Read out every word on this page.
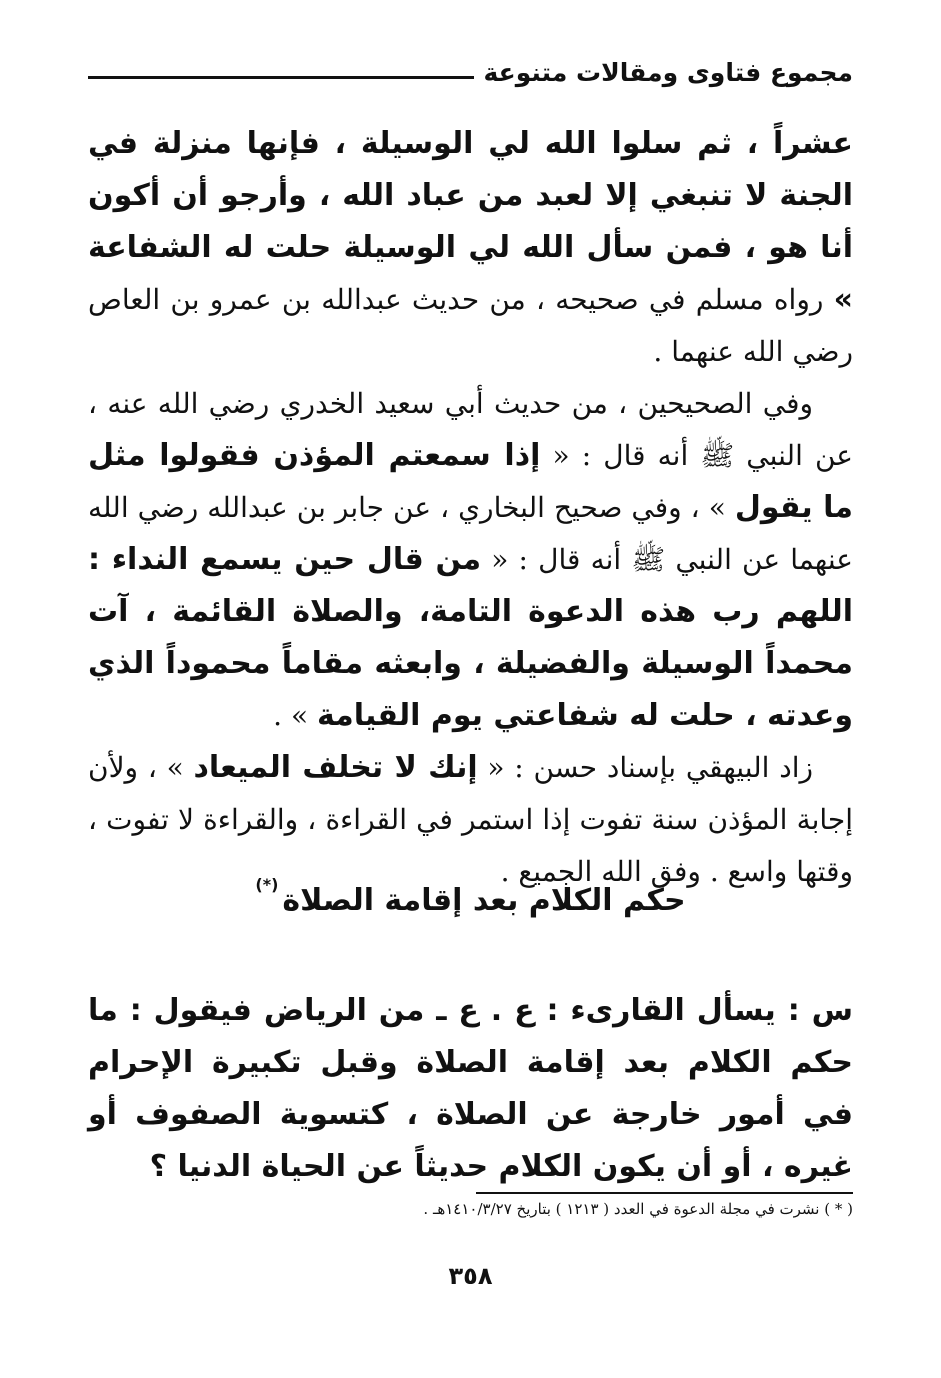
مجموع فتاوى ومقالات متنوعة

عشراً ، ثم سلوا الله لي الوسيلة ، فإنها منزلة في الجنة لا تنبغي إلا لعبد من عباد الله ، وأرجو أن أكون أنا هو ، فمن سأل الله لي الوسيلة حلت له الشفاعة » رواه مسلم في صحيحه ، من حديث عبدالله بن عمرو بن العاص رضي الله عنهما .

وفي الصحيحين ، من حديث أبي سعيد الخدري رضي الله عنه ، عن النبي ﷺ أنه قال : « إذا سمعتم المؤذن فقولوا مثل ما يقول » ، وفي صحيح البخاري ، عن جابر بن عبدالله رضي الله عنهما عن النبي ﷺ أنه قال : « من قال حين يسمع النداء : اللهم رب هذه الدعوة التامة، والصلاة القائمة ، آت محمداً الوسيلة والفضيلة ، وابعثه مقاماً محموداً الذي وعدته ، حلت له شفاعتي يوم القيامة » .

زاد البيهقي بإسناد حسن : « إنك لا تخلف الميعاد » ، ولأن إجابة المؤذن سنة تفوت إذا استمر في القراءة ، والقراءة لا تفوت ، وقتها واسع . وفق الله الجميع .

حكم الكلام بعد إقامة الصلاة(*)

س : يسأل القارىء : ع . ع ـ من الرياض فيقول : ما حكم الكلام بعد إقامة الصلاة وقبل تكبيرة الإحرام في أمور خارجة عن الصلاة ، كتسوية الصفوف أو غيره ، أو أن يكون الكلام حديثاً عن الحياة الدنيا ؟

( * ) نشرت في مجلة الدعوة في العدد ( ١٢١٣ ) بتاريخ ١٤١٠/٣/٢٧هـ .
٣٥٨
